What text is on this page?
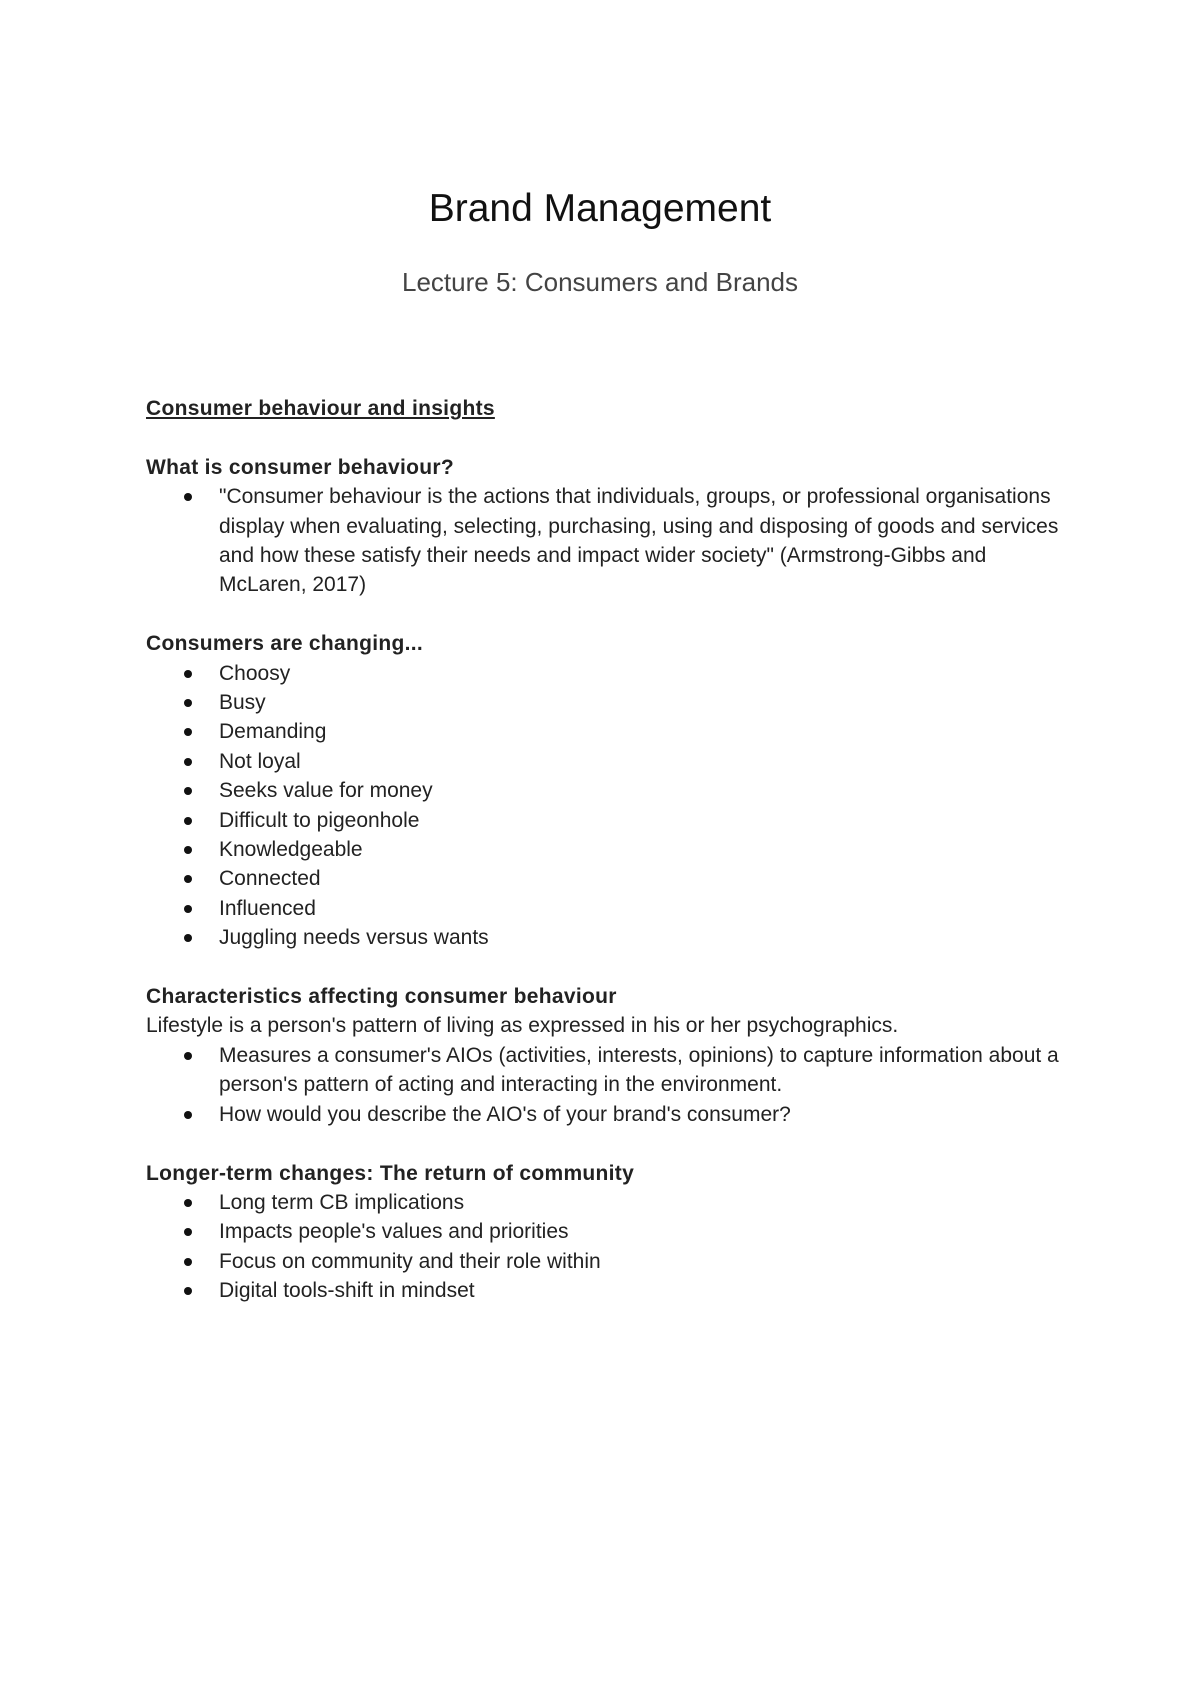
Brand Management
Lecture 5: Consumers and Brands

Consumer behaviour and insights

What is consumer behaviour?

"Consumer behaviour is the actions that individuals, groups, or professional organisations display when evaluating, selecting, purchasing, using and disposing of goods and services and how these satisfy their needs and impact wider society" (Armstrong-Gibbs and McLaren, 2017)

Consumers are changing...

Choosy
Busy
Demanding
Not loyal
Seeks value for money
Difficult to pigeonhole
Knowledgeable
Connected
Influenced
Juggling needs versus wants

Characteristics affecting consumer behaviour

Lifestyle is a person's pattern of living as expressed in his or her psychographics.

Measures a consumer's AIOs (activities, interests, opinions) to capture information about a person's pattern of acting and interacting in the environment.
How would you describe the AIO's of your brand's consumer?

Longer-term changes: The return of community

Long term CB implications
Impacts people's values and priorities
Focus on community and their role within
Digital tools-shift in mindset
